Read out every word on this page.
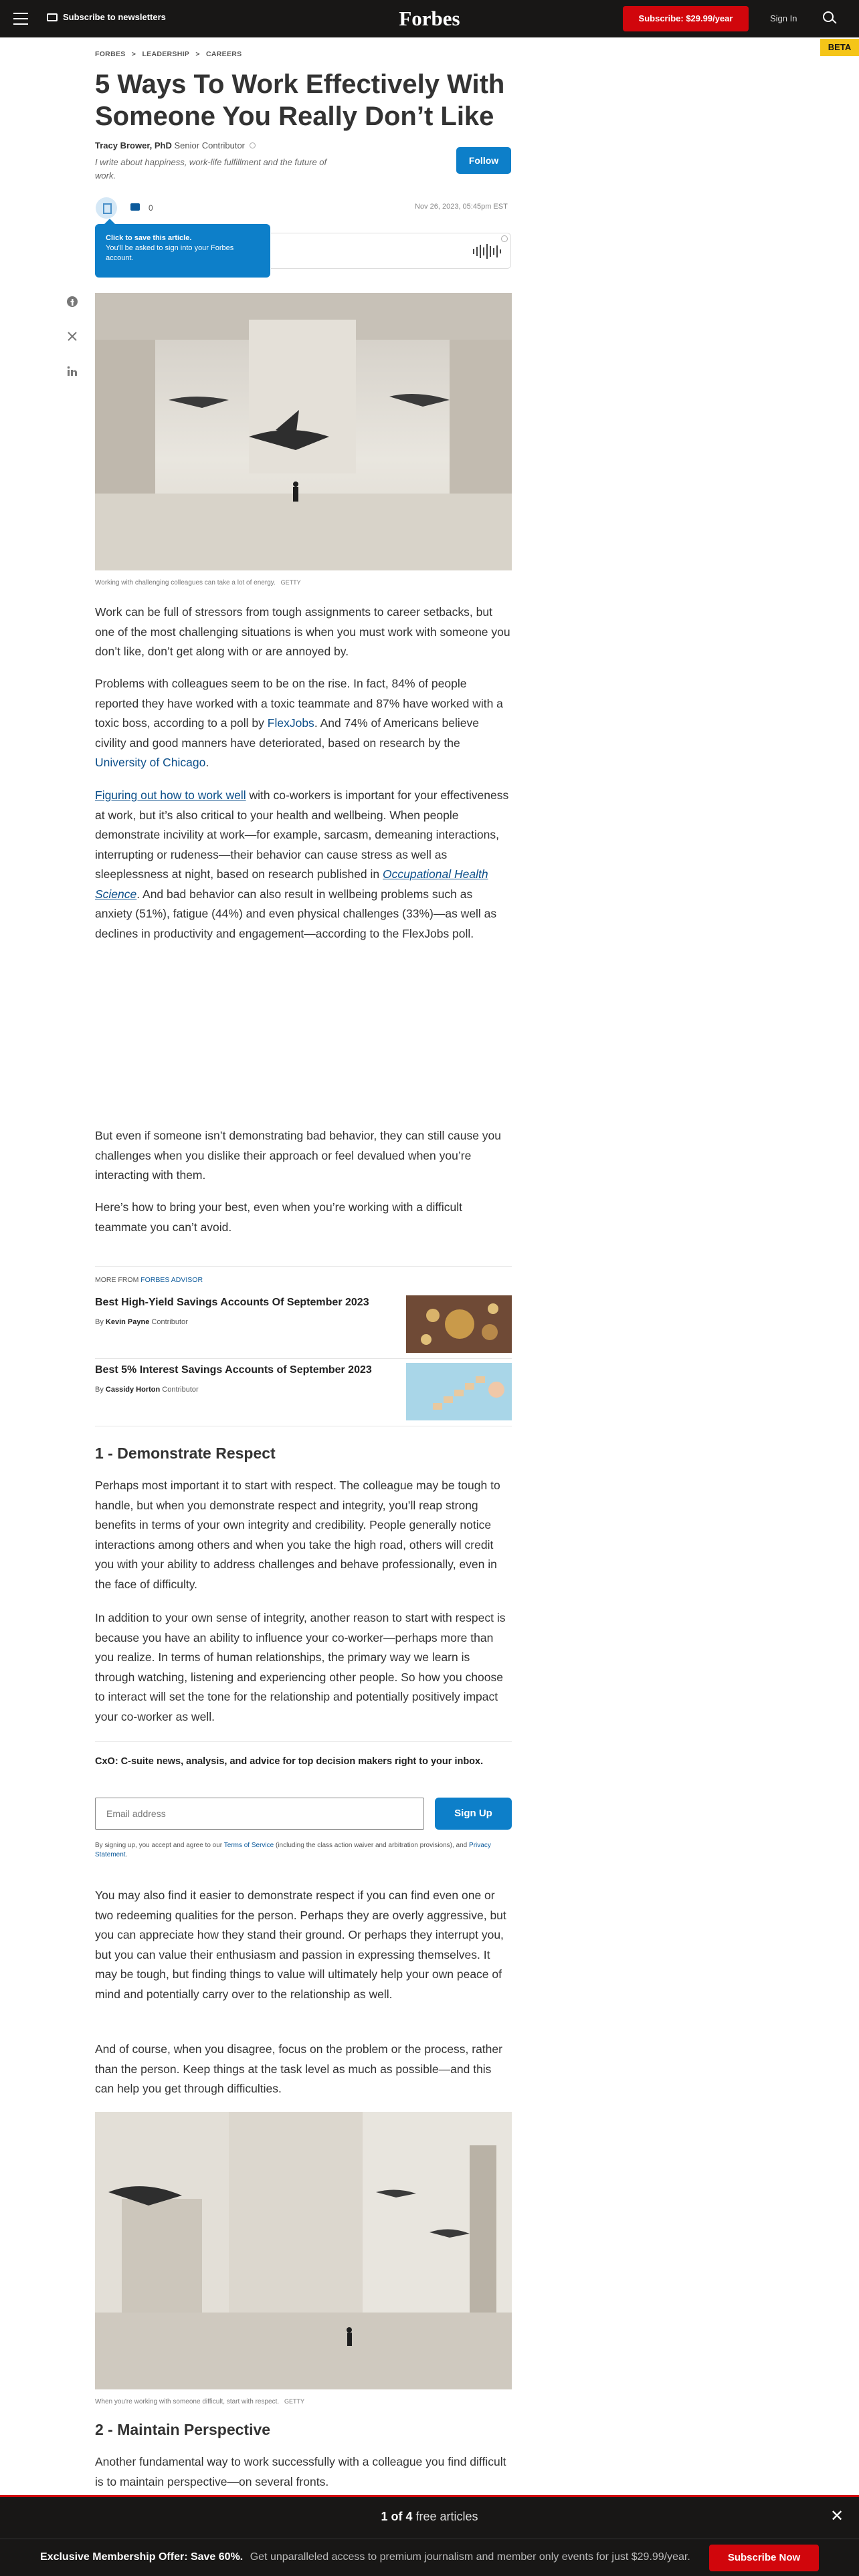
Subscribe to newsletters	Forbes	Subscribe: $29.99/year	Sign In
BETA
FORBES > LEADERSHIP > CAREERS
5 Ways To Work Effectively With Someone You Really Don’t Like
Tracy Brower, PhD Senior Contributor
I write about happiness, work-life fulfillment and the future of work.
Follow
0	Nov 26, 2023, 05:45pm EST
Click to save this article.
You'll be asked to sign into your Forbes account.
Working with challenging colleagues can take a lot of energy. GETTY

Work can be full of stressors from tough assignments to career setbacks, but one of the most challenging situations is when you must work with someone you don’t like, don’t get along with or are annoyed by.

Problems with colleagues seem to be on the rise. In fact, 84% of people reported they have worked with a toxic teammate and 87% have worked with a toxic boss, according to a poll by FlexJobs. And 74% of Americans believe civility and good manners have deteriorated, based on research by the University of Chicago.

Figuring out how to work well with co-workers is important for your effectiveness at work, but it’s also critical to your health and wellbeing. When people demonstrate incivility at work—for example, sarcasm, demeaning interactions, interrupting or rudeness—their behavior can cause stress as well as sleeplessness at night, based on research published in Occupational Health Science. And bad behavior can also result in wellbeing problems such as anxiety (51%), fatigue (44%) and even physical challenges (33%)—as well as declines in productivity and engagement—according to the FlexJobs poll.

But even if someone isn’t demonstrating bad behavior, they can still cause you challenges when you dislike their approach or feel devalued when you’re interacting with them.

Here’s how to bring your best, even when you’re working with a difficult teammate you can’t avoid.

MORE FROM FORBES ADVISOR
Best High-Yield Savings Accounts Of September 2023
By Kevin Payne Contributor
Best 5% Interest Savings Accounts of September 2023
By Cassidy Horton Contributor
1 - Demonstrate Respect

Perhaps most important it to start with respect. The colleague may be tough to handle, but when you demonstrate respect and integrity, you’ll reap strong benefits in terms of your own integrity and credibility. People generally notice interactions among others and when you take the high road, others will credit you with your ability to address challenges and behave professionally, even in the face of difficulty.

In addition to your own sense of integrity, another reason to start with respect is because you have an ability to influence your co-worker—perhaps more than you realize. In terms of human relationships, the primary way we learn is through watching, listening and experiencing other people. So how you choose to interact will set the tone for the relationship and potentially positively impact your co-worker as well.

CxO: C-suite news, analysis, and advice for top decision makers right to your inbox.
Email address	Sign Up
By signing up, you accept and agree to our Terms of Service (including the class action waiver and arbitration provisions), and Privacy Statement.

You may also find it easier to demonstrate respect if you can find even one or two redeeming qualities for the person. Perhaps they are overly aggressive, but you can appreciate how they stand their ground. Or perhaps they interrupt you, but you can value their enthusiasm and passion in expressing themselves. It may be tough, but finding things to value will ultimately help your own peace of mind and potentially carry over to the relationship as well.

And of course, when you disagree, focus on the problem or the process, rather than the person. Keep things at the task level as much as possible—and this can help you get through difficulties.

When you're working with someone difficult, start with respect. GETTY
2 - Maintain Perspective

Another fundamental way to work successfully with a colleague you find difficult is to maintain perspective—on several fronts.

1 of 4 free articles	✕
Exclusive Membership Offer: Save 60%. Get unparalleled access to premium journalism and member only events for just $29.99/year.	Subscribe Now
